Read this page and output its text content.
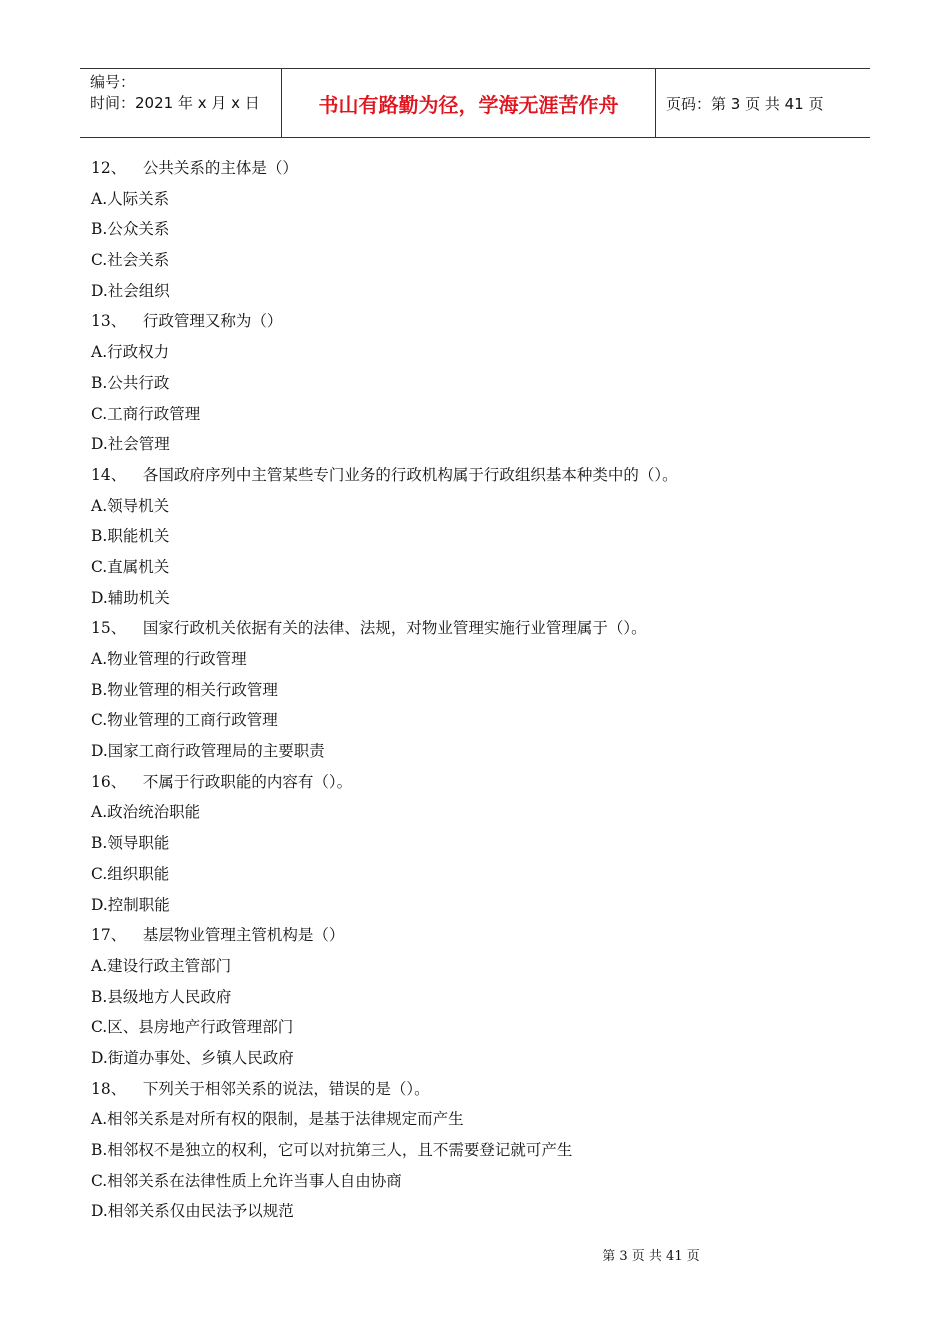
编号：
时间：2021 年 x 月 x 日	书山有路勤为径，学海无涯苦作舟	页码：第 3 页 共 41 页
12、 公共关系的主体是（）
A.人际关系
B.公众关系
C.社会关系
D.社会组织
13、 行政管理又称为（）
A.行政权力
B.公共行政
C.工商行政管理
D.社会管理
14、 各国政府序列中主管某些专门业务的行政机构属于行政组织基本种类中的（）。
A.领导机关
B.职能机关
C.直属机关
D.辅助机关
15、 国家行政机关依据有关的法律、法规，对物业管理实施行业管理属于（）。
A.物业管理的行政管理
B.物业管理的相关行政管理
C.物业管理的工商行政管理
D.国家工商行政管理局的主要职责
16、 不属于行政职能的内容有（）。
A.政治统治职能
B.领导职能
C.组织职能
D.控制职能
17、 基层物业管理主管机构是（）
A.建设行政主管部门
B.县级地方人民政府
C.区、县房地产行政管理部门
D.街道办事处、乡镇人民政府
18、 下列关于相邻关系的说法，错误的是（）。
A.相邻关系是对所有权的限制，是基于法律规定而产生
B.相邻权不是独立的权利，它可以对抗第三人，且不需要登记就可产生
C.相邻关系在法律性质上允许当事人自由协商
D.相邻关系仅由民法予以规范
第 3 页 共 41 页
